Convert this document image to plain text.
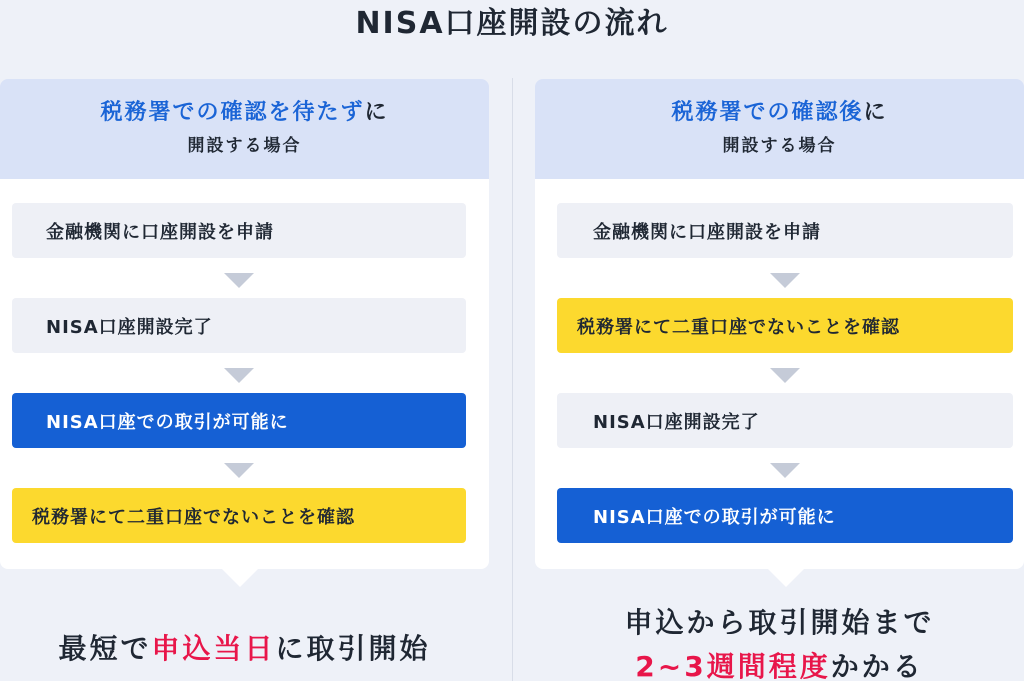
NISA口座開設の流れ
税務署での確認を待たずに
開設する場合
金融機関に口座開設を申請
NISA口座開設完了
NISA口座での取引が可能に
税務署にて二重口座でないことを確認
最短で申込当日に取引開始
税務署での確認後に
開設する場合
金融機関に口座開設を申請
税務署にて二重口座でないことを確認
NISA口座開設完了
NISA口座での取引が可能に
申込から取引開始まで
2~3週間程度かかる
